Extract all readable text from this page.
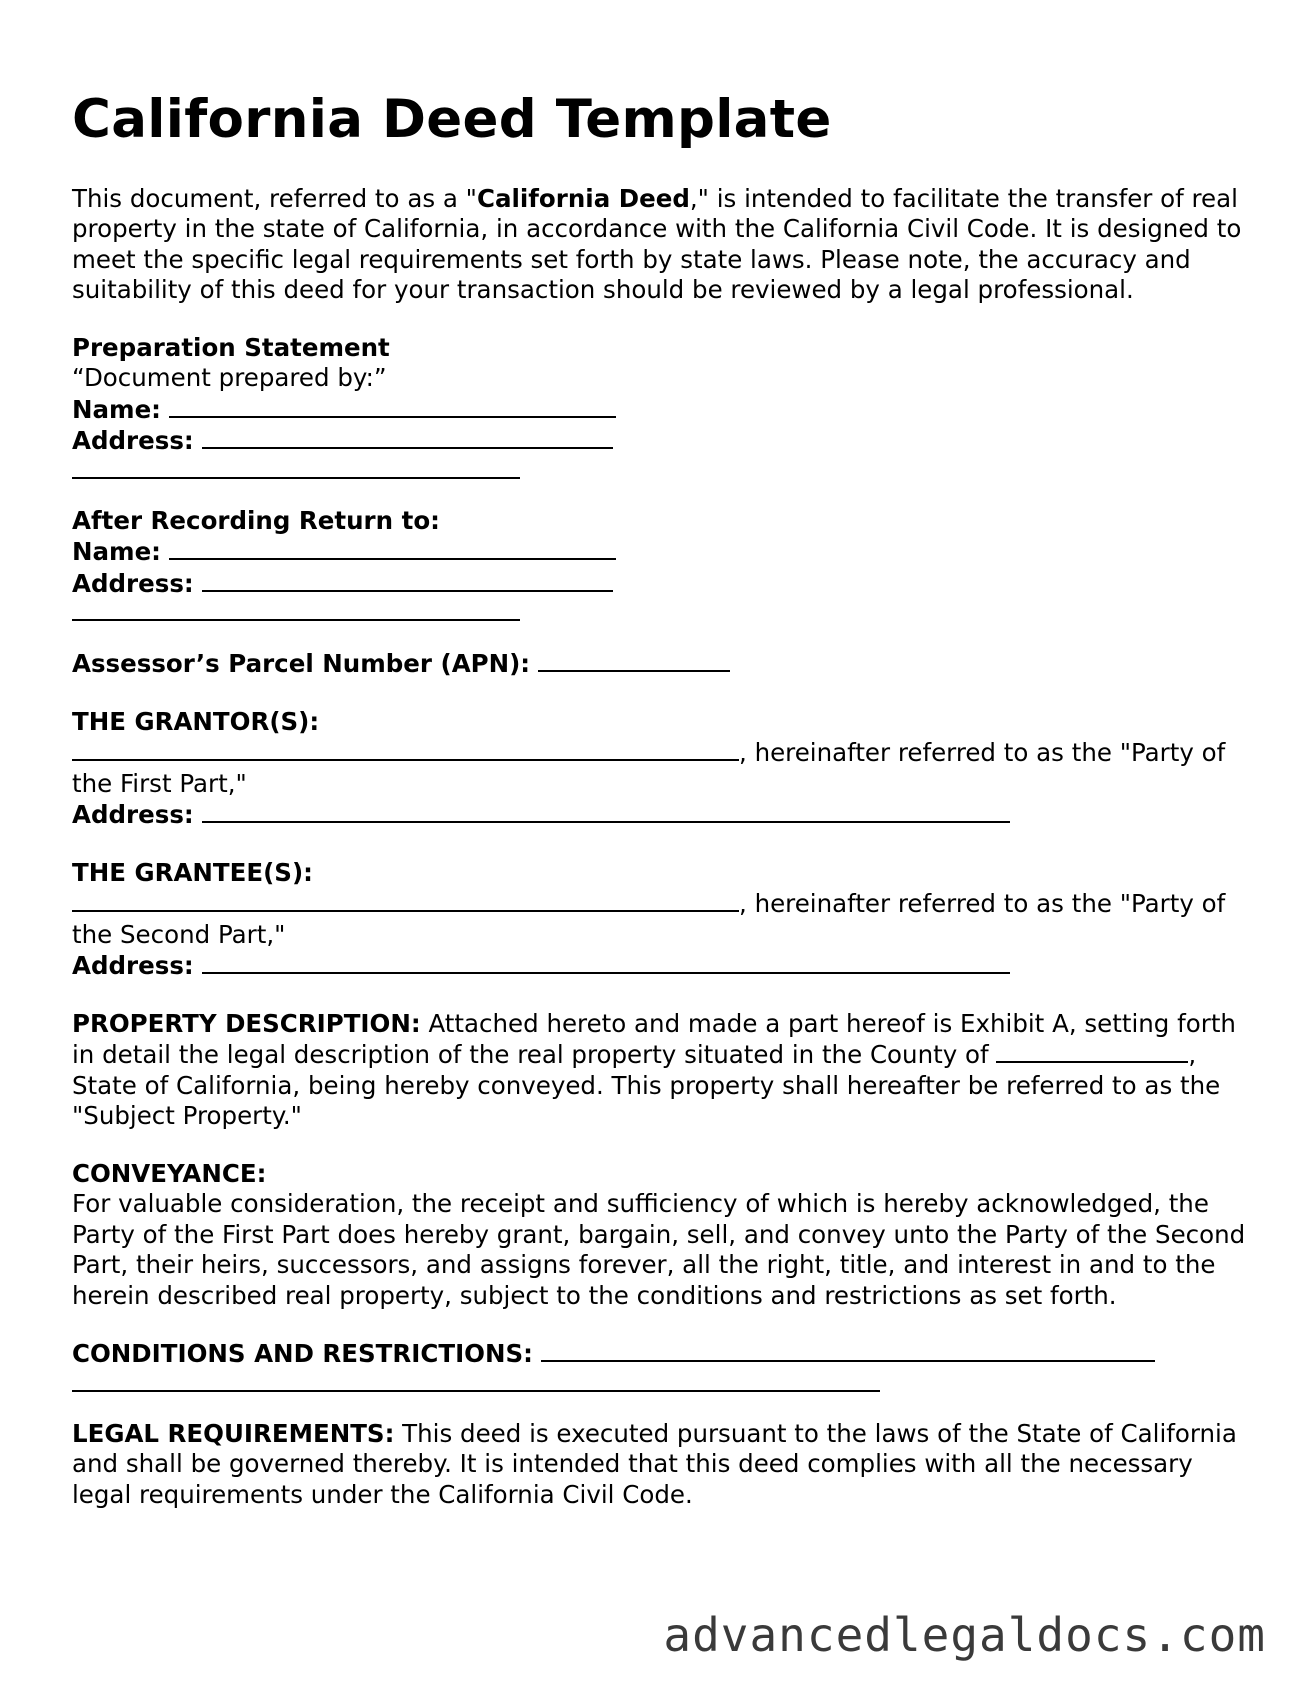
California Deed Template

This document, referred to as a "California Deed," is intended to facilitate the transfer of real property in the state of California, in accordance with the California Civil Code. It is designed to meet the specific legal requirements set forth by state laws. Please note, the accuracy and suitability of this deed for your transaction should be reviewed by a legal professional.

Preparation Statement
“Document prepared by:”
Name:
Address:

After Recording Return to:
Name:
Address:

Assessor’s Parcel Number (APN):

THE GRANTOR(S):
, hereinafter referred to as the "Party of the First Part,"
Address:

THE GRANTEE(S):
, hereinafter referred to as the "Party of the Second Part,"
Address:

PROPERTY DESCRIPTION: Attached hereto and made a part hereof is Exhibit A, setting forth in detail the legal description of the real property situated in the County of	, State of California, being hereby conveyed. This property shall hereafter be referred to as the "Subject Property."

CONVEYANCE:
For valuable consideration, the receipt and sufficiency of which is hereby acknowledged, the Party of the First Part does hereby grant, bargain, sell, and convey unto the Party of the Second Part, their heirs, successors, and assigns forever, all the right, title, and interest in and to the herein described real property, subject to the conditions and restrictions as set forth.

CONDITIONS AND RESTRICTIONS:

LEGAL REQUIREMENTS: This deed is executed pursuant to the laws of the State of California and shall be governed thereby. It is intended that this deed complies with all the necessary legal requirements under the California Civil Code.

advancedlegaldocs.com
